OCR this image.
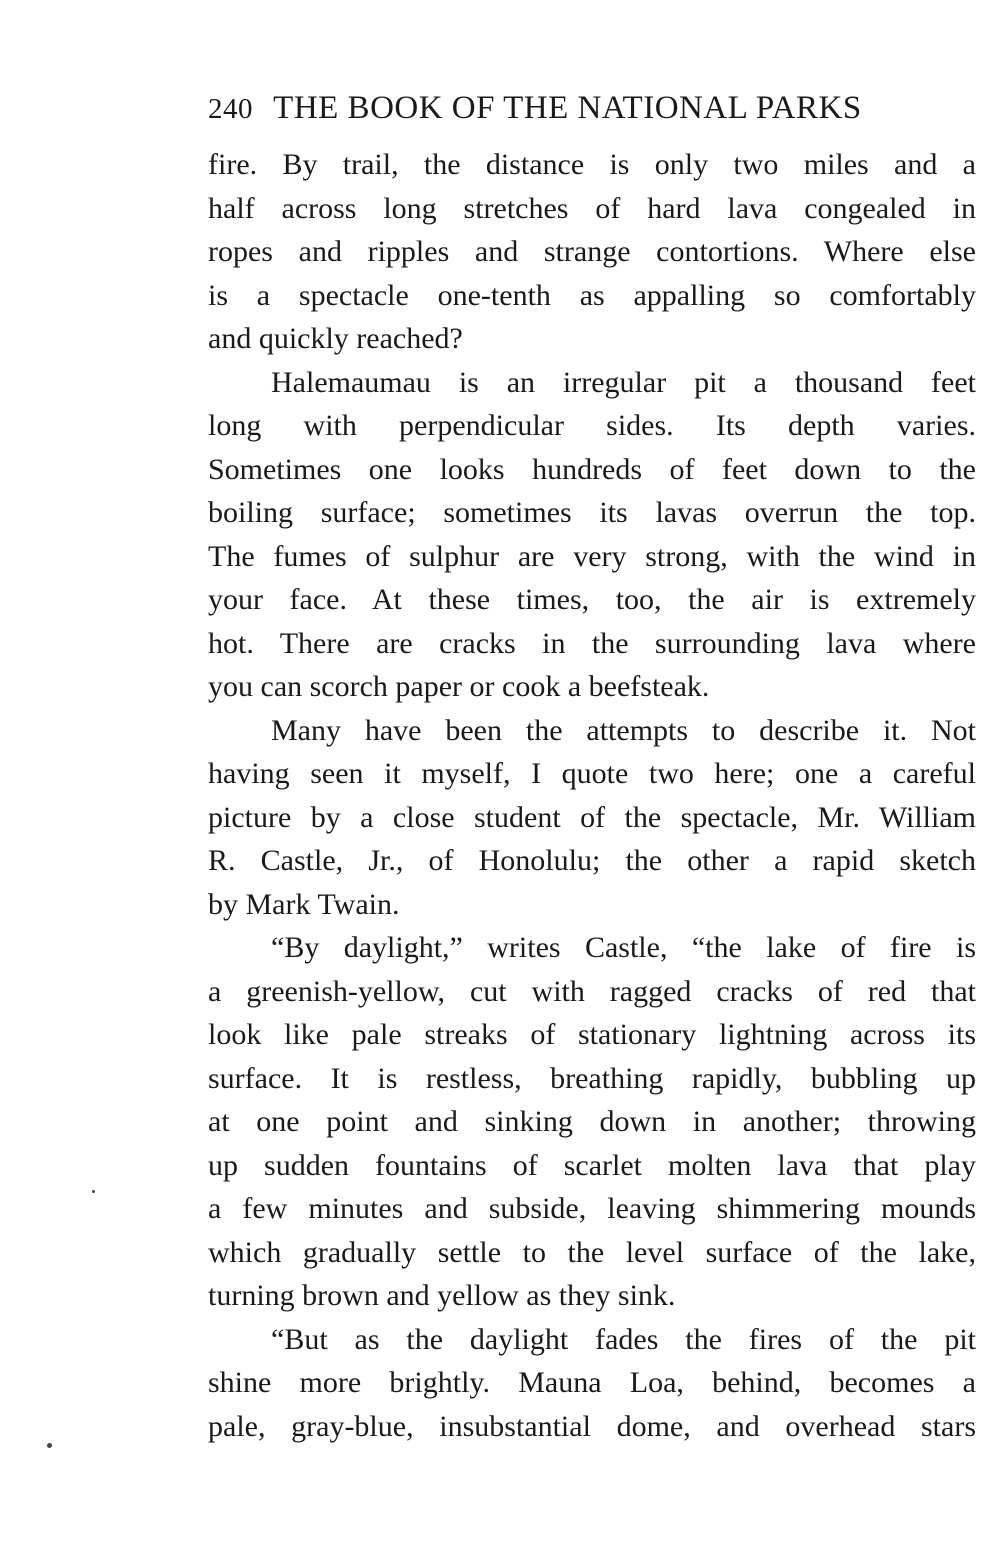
240 THE BOOK OF THE NATIONAL PARKS
fire. By trail, the distance is only two miles and a
half across long stretches of hard lava congealed in
ropes and ripples and strange contortions. Where else
is a spectacle one-tenth as appalling so comfortably
and quickly reached?
Halemaumau is an irregular pit a thousand feet
long with perpendicular sides. Its depth varies.
Sometimes one looks hundreds of feet down to the
boiling surface; sometimes its lavas overrun the top.
The fumes of sulphur are very strong, with the wind in
your face. At these times, too, the air is extremely
hot. There are cracks in the surrounding lava where
you can scorch paper or cook a beefsteak.
Many have been the attempts to describe it. Not
having seen it myself, I quote two here; one a careful
picture by a close student of the spectacle, Mr. William
R. Castle, Jr., of Honolulu; the other a rapid sketch
by Mark Twain.
“By daylight,” writes Castle, “the lake of fire is
a greenish-yellow, cut with ragged cracks of red that
look like pale streaks of stationary lightning across its
surface. It is restless, breathing rapidly, bubbling up
at one point and sinking down in another; throwing
up sudden fountains of scarlet molten lava that play
a few minutes and subside, leaving shimmering mounds
which gradually settle to the level surface of the lake,
turning brown and yellow as they sink.
“But as the daylight fades the fires of the pit
shine more brightly. Mauna Loa, behind, becomes a
pale, gray-blue, insubstantial dome, and overhead stars
